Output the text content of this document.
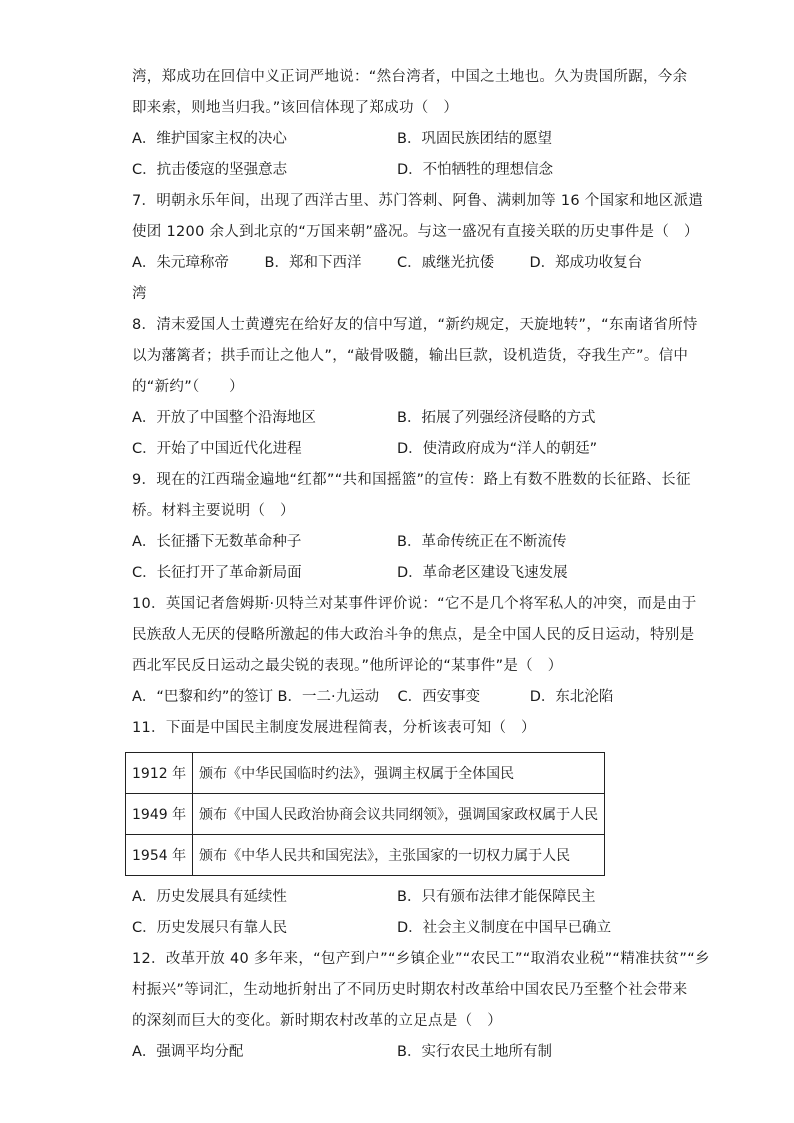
湾，郑成功在回信中义正词严地说：“然台湾者，中国之土地也。久为贵国所踞，今余
即来索，则地当归我。”该回信体现了郑成功（　）
A．维护国家主权的决心	B．巩固民族团结的愿望
C．抗击倭寇的坚强意志	D．不怕牺牲的理想信念
7．明朝永乐年间，出现了西洋古里、苏门答剌、阿鲁、满剌加等 16 个国家和地区派遣
使团 1200 余人到北京的“万国来朝”盛况。与这一盛况有直接关联的历史事件是（　）
A．朱元璋称帝	B．郑和下西洋	C．戚继光抗倭	D．郑成功收复台
湾
8．清末爱国人士黄遵宪在给好友的信中写道，“新约规定，天旋地转”，“东南诸省所恃
以为藩篱者；拱手而让之他人”，“敲骨吸髓，输出巨款，设机造货，夺我生产”。信中
的“新约”（　　）
A．开放了中国整个沿海地区	B．拓展了列强经济侵略的方式
C．开始了中国近代化进程	D．使清政府成为“洋人的朝廷”
9．现在的江西瑞金遍地“红都”“共和国摇篮”的宣传：路上有数不胜数的长征路、长征
桥。材料主要说明（　）
A．长征播下无数革命种子	B．革命传统正在不断流传
C．长征打开了革命新局面	D．革命老区建设飞速发展
10．英国记者詹姆斯·贝特兰对某事件评价说：“它不是几个将军私人的冲突，而是由于
民族敌人无厌的侵略所激起的伟大政治斗争的焦点，是全中国人民的反日运动，特别是
西北军民反日运动之最尖锐的表现。”他所评论的“某事件”是（　）
A．“巴黎和约”的签订 B．一二·九运动	C．西安事变	D．东北沦陷
11．下面是中国民主制度发展进程简表，分析该表可知（　）
1912 年	颁布《中华民国临时约法》，强调主权属于全体国民
1949 年	颁布《中国人民政治协商会议共同纲领》，强调国家政权属于人民
1954 年	颁布《中华人民共和国宪法》，主张国家的一切权力属于人民
A．历史发展具有延续性	B．只有颁布法律才能保障民主
C．历史发展只有靠人民	D．社会主义制度在中国早已确立
12．改革开放 40 多年来，“包产到户”“乡镇企业”“农民工”“取消农业税”“精准扶贫”“乡
村振兴”等词汇，生动地折射出了不同历史时期农村改革给中国农民乃至整个社会带来
的深刻而巨大的变化。新时期农村改革的立足点是（　）
A．强调平均分配	B．实行农民土地所有制
